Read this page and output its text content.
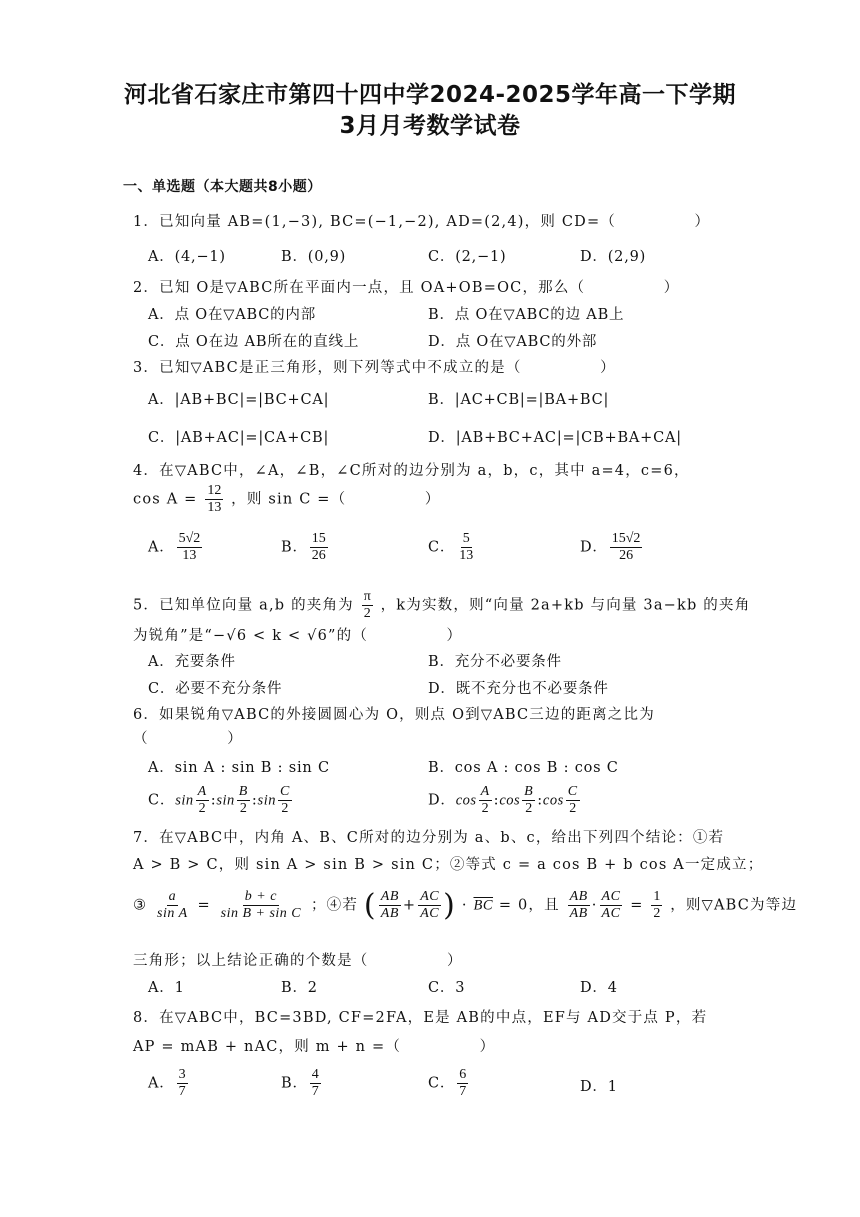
河北省石家庄市第四十四中学2024-2025学年高一下学期
3月月考数学试卷
一、单选题（本大题共8小题）
1．已知向量 AB=(1,−3), BC=(−1,−2), AD=(2,4)，则 CD=（　　　　　）
A．(4,−1)	B．(0,9)	C．(2,−1)	D．(2,9)
2．已知 O是▽ABC所在平面内一点，且 OA+OB=OC，那么（　　　　　）
A．点 O在▽ABC的内部	B．点 O在▽ABC的边 AB上
C．点 O在边 AB所在的直线上	D．点 O在▽ABC的外部
3．已知▽ABC是正三角形，则下列等式中不成立的是（　　　　　）
A．|AB+BC|=|BC+CA|	B．|AC+CB|=|BA+BC|
C．|AB+AC|=|CA+CB|	D．|AB+BC+AC|=|CB+BA+CA|
4．在▽ABC中，∠A，∠B，∠C所对的边分别为 a，b，c，其中 a=4，c=6，
$\cos A = \frac{12}{13}$ ，则 sin C =（　　　　　）
A． $\frac{5√2}{13}$	B． $\frac{15}{26}$	C． $\frac{5}{13}$	D． $\frac{15√2}{26}$
5．已知单位向量 a,b 的夹角为 $\frac{\pi}{2}$ ，k为实数，则“向量 2a+kb 与向量 3a−kb 的夹角
为锐角”是“−√6 < k < √6”的（　　　　　）
A．充要条件	B．充分不必要条件
C．必要不充分条件	D．既不充分也不必要条件
6．如果锐角▽ABC的外接圆圆心为 O，则点 O到▽ABC三边的距离之比为
（　　　　　）
A．sin A : sin B : sin C	B．cos A : cos B : cos C
C．$\sin \frac{A}{2}$ :sin $\frac{B}{2}$ :sin $\frac{C}{2}$	D．$\cos \frac{A}{2}$ :cos $\frac{B}{2}$ :cos $\frac{C}{2}$
7．在▽ABC中，内角 A、B、C所对的边分别为 a、b、c，给出下列四个结论：①若
A > B > C，则 sin A > sin B > sin C；②等式 c = a cos B + b cos A一定成立；
③ $\frac{a}{\text{sin A}} = \frac{b + c}{\text{sin B + sin C}}$ ；④若 ( $\frac{AB}{AB} + \frac{AC}{AC}$ ) · $\overline{BC} = 0$，且 $\frac{AB}{AB} \cdot \frac{AC}{AC} = \frac{1}{2}$ ，则▽ABC为等边
三角形；以上结论正确的个数是（　　　　　）
A．1	B．2	C．3	D．4
8．在▽ABC中，BC=3BD, CF=2FA，E是 AB的中点，EF与 AD交于点 P，若
AP = mAB + nAC，则 m + n =（　　　　　）
A． $\frac{3}{7}$	B． $\frac{4}{7}$	C． $\frac{6}{7}$	D．1
